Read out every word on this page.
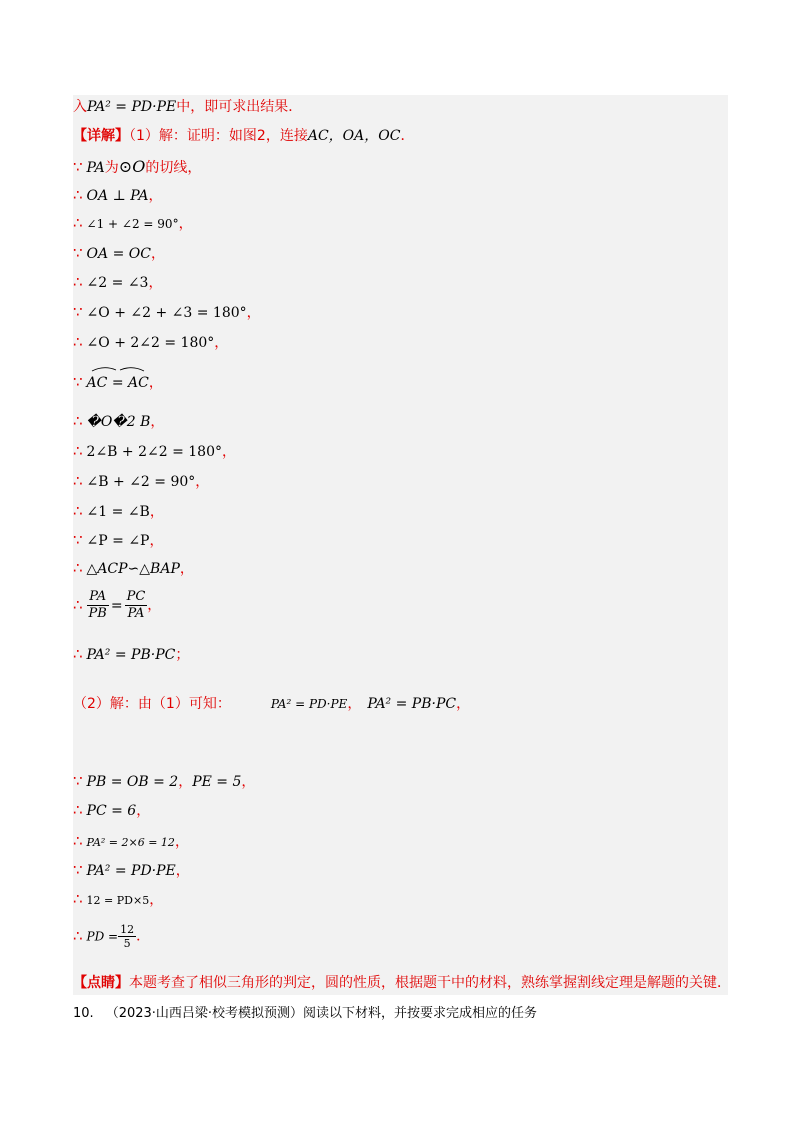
入PA² = PD·PE中，即可求出结果．
【详解】（1）解：证明：如图2，连接AC，OA，OC．
∵ PA为⊙O的切线，
∴ OA ⊥ PA，
∴ ∠1 + ∠2 = 90°，
∵ OA = OC，
∴ ∠2 = ∠3，
∵ ∠O + ∠2 + ∠3 = 180°，
∴ ∠O + 2∠2 = 180°，
∵ AC = AC，
∴ �O�2 B，
∴ 2∠B + 2∠2 = 180°，
∴ ∠B + ∠2 = 90°，
∴ ∠1 = ∠B，
∵ ∠P = ∠P，
∴ △ACP∽△BAP，
∴ $\frac{PA}{PB} = \frac{PC}{PA}$ ，
∴ PA² = PB·PC；
（2）解：由（1）可知：	PA² = PD·PE， PA² = PB·PC，
∵ PB = OB = 2，PE = 5，
∴ PC = 6，
∴ PA² = 2×6 = 12，
∵ PA² = PD·PE，
∴ 12 = PD×5，
∴ PD = $\frac{12}{5}$ ．
【点睛】本题考查了相似三角形的判定，圆的性质，根据题干中的材料，熟练掌握割线定理是解题的关键．
10. （2023·山西吕梁·校考模拟预测）阅读以下材料，并按要求完成相应的任务
